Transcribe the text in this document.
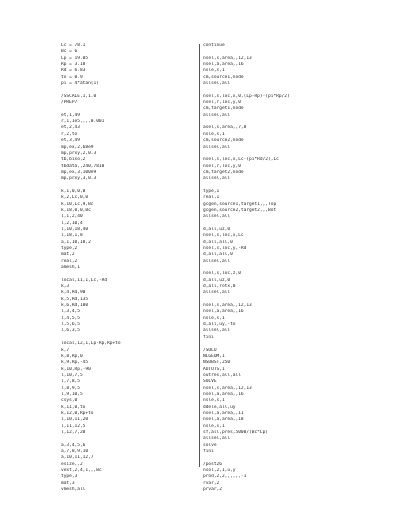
Lc = 78.1
Bc = 6
Lp = 19.05
Rp = 3.18
Rd = 6.83
to = 0.9
pi = 4*atan(1)

/SSCALE,1,1.0
/PREP7

et,1,49
r,1,1e5,,,,0.001
et,2,43
r,2,to
et,3,49
mp,ex,2,68e9
mp,prxy,2,0.3
tb,biso,2
tbdata,,240,7810
mp,ex,3,100e9
mp,prxy,3,0.3

k,1,0,0,0
k,2,Lc,0,0
k,10,Lc,9,Bc
k,18,0,0,Bc
l,1,2,40
l,2,10,4
l,10,18,40
l,18,1,8
a,1,10,18,2
type,2
mat,2
real,2
amesh,1

local,11,1,Lc,-Rd
k,3
k,4,Rd,90
k,5,Rd,135
k,6,Rd,180
l,3,4,5
l,4,5,5
l,5,6,5
l,6,3,5

local,12,1,Lp-Rp,Rp+to
k,7
k,8,Rp,0
k,9,Rp,-45
k,10,Rp,-90
l,10,7,5
l,7,8,5
l,8,9,5
l,9,10,5
csys,0
k,11,0,to
k,12,0,Rp+to
l,10,11,20
l,11,12,5
l,12,7,20

a,3,4,5,6
a,7,8,9,10
a,10,11,12,7
esize,,2
vext,2,4,1,,,Bc
type,3
mat,3
vmesh,all
continue

nsel,s,area,,12,13
nsel,a,area,,16
nsle,s,1
cm,source1,node
allsel,all

nsel,s,loc,x,0,(Lp-Rp)-(pi*Rp/2)
nsel,r,loc,y,0
cm,target1,node
allsel,all

asel,s,area,,7,8
nsle,s,1
cm,source2,node
allsel,all

nsel,s,loc,x,Lc-(pi*Rd/2),Lc
nsel,r,loc,y,0
cm,target2,node
allsel,all

type,1
real,1
gcgen,source1,target1,,,Top
gcgen,source2,target2,,,Bot
allsel,all

d,all,uz,0
nsel,s,loc,x,Lc
d,all,all,0
nsel,s,loc,y,-Rd
d,all,all,0
allsel,all

nsel,s,loc,z,0
d,all,uz,0
d,all,rotx,0
allsel,all

nsel,s,area,,12,13
nsel,a,area,,16
nsle,s,1
d,all,uy,-to
allsel,all
fini

/SOLU
NLGEOM,1
NSUBST,250
AUTOTS,1
outres,all,all
SOLVE
nsel,s,area,,12,13
nsel,a,area,,16
nsle,s,1
ddele,all,uy
nsel,a,area,,11
nsel,a,area,,18
nsle,s,1
sf,all,pres,5000/(Bc*Lp)
allsel,all
solve
fini

/post26
nsol,2,1,u,y
prod,2,2,,,,,,-1
rvar,2
prvar,2
